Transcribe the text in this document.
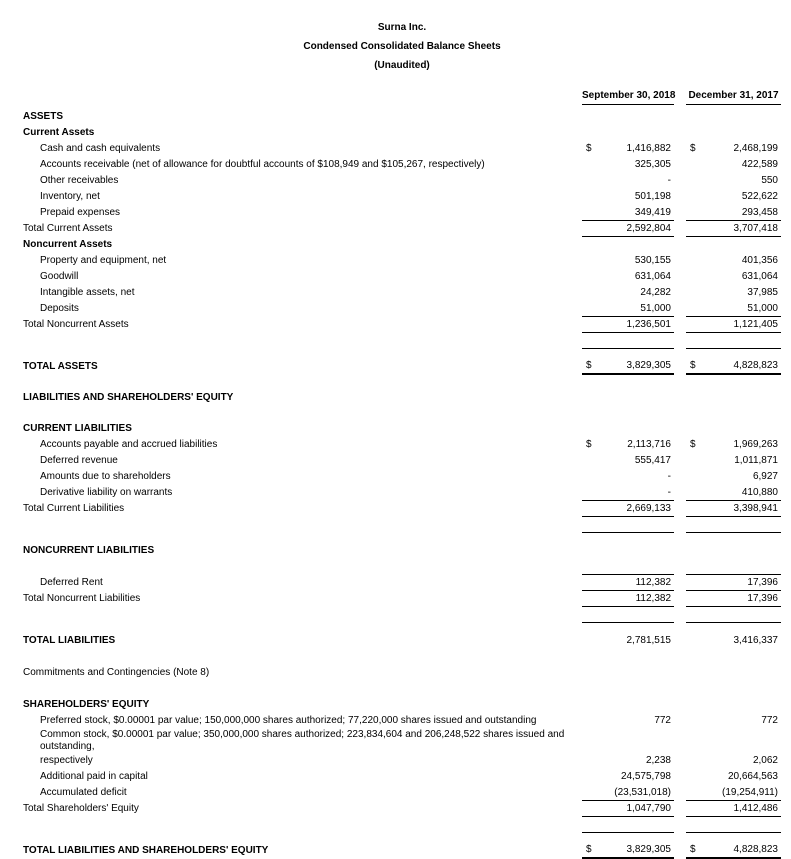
Surna Inc.
Condensed Consolidated Balance Sheets
(Unaudited)
September 30, 2018 December 31, 2017
ASSETS
Current Assets
Cash and cash equivalents	$	1,416,882 $	2,468,199
Accounts receivable (net of allowance for doubtful accounts of $108,949 and $105,267, respectively)	325,305	422,589
Other receivables	-	550
Inventory, net	501,198	522,622
Prepaid expenses	349,419	293,458
Total Current Assets	2,592,804	3,707,418
Noncurrent Assets
Property and equipment, net	530,155	401,356
Goodwill	631,064	631,064
Intangible assets, net	24,282	37,985
Deposits	51,000	51,000
Total Noncurrent Assets	1,236,501	1,121,405
TOTAL ASSETS	$	3,829,305 $	4,828,823
LIABILITIES AND SHAREHOLDERS' EQUITY
CURRENT LIABILITIES
Accounts payable and accrued liabilities	$	2,113,716 $	1,969,263
Deferred revenue	555,417	1,011,871
Amounts due to shareholders	-	6,927
Derivative liability on warrants	-	410,880
Total Current Liabilities	2,669,133	3,398,941
NONCURRENT LIABILITIES
Deferred Rent	112,382	17,396
Total Noncurrent Liabilities	112,382	17,396
TOTAL LIABILITIES	2,781,515	3,416,337
Commitments and Contingencies (Note 8)
SHAREHOLDERS' EQUITY
Preferred stock, $0.00001 par value; 150,000,000 shares authorized; 77,220,000 shares issued and outstanding	772	772
Common stock, $0.00001 par value; 350,000,000 shares authorized; 223,834,604 and 206,248,522 shares issued and outstanding,
respectively	2,238	2,062
Additional paid in capital	24,575,798	20,664,563
Accumulated deficit	(23,531,018)	(19,254,911)
Total Shareholders' Equity	1,047,790	1,412,486
TOTAL LIABILITIES AND SHAREHOLDERS' EQUITY	$	3,829,305 $	4,828,823
